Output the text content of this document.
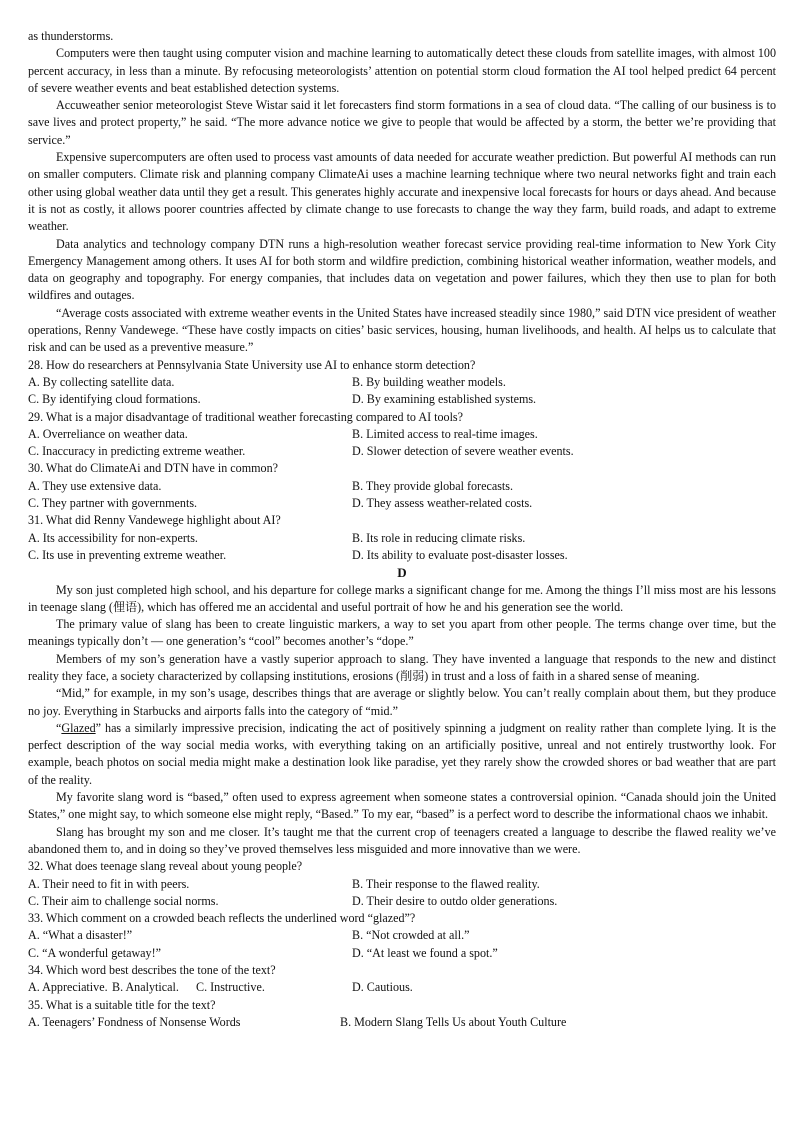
as thunderstorms.

Computers were then taught using computer vision and machine learning to automatically detect these clouds from satellite images, with almost 100 percent accuracy, in less than a minute. By refocusing meteorologists’ attention on potential storm cloud formation the AI tool helped predict 64 percent of severe weather events and beat established detection systems.

Accuweather senior meteorologist Steve Wistar said it let forecasters find storm formations in a sea of cloud data. “The calling of our business is to save lives and protect property,” he said. “The more advance notice we give to people that would be affected by a storm, the better we’re providing that service.”

Expensive supercomputers are often used to process vast amounts of data needed for accurate weather prediction. But powerful AI methods can run on smaller computers. Climate risk and planning company ClimateAi uses a machine learning technique where two neural networks fight and train each other using global weather data until they get a result. This generates highly accurate and inexpensive local forecasts for hours or days ahead. And because it is not as costly, it allows poorer countries affected by climate change to use forecasts to change the way they farm, build roads, and adapt to extreme weather.

Data analytics and technology company DTN runs a high-resolution weather forecast service providing real-time information to New York City Emergency Management among others. It uses AI for both storm and wildfire prediction, combining historical weather information, weather models, and data on geography and topography. For energy companies, that includes data on vegetation and power failures, which they then use to plan for both wildfires and outages.

“Average costs associated with extreme weather events in the United States have increased steadily since 1980,” said DTN vice president of weather operations, Renny Vandewege. “These have costly impacts on cities’ basic services, housing, human livelihoods, and health. AI helps us to calculate that risk and can be used as a preventive measure.”

28. How do researchers at Pennsylvania State University use AI to enhance storm detection?

A. By collecting satellite data.	B. By building weather models.
C. By identifying cloud formations.	D. By examining established systems.

29. What is a major disadvantage of traditional weather forecasting compared to AI tools?

A. Overreliance on weather data.	B. Limited access to real-time images.
C. Inaccuracy in predicting extreme weather.	D. Slower detection of severe weather events.

30. What do ClimateAi and DTN have in common?

A. They use extensive data.	B. They provide global forecasts.
C. They partner with governments.	D. They assess weather-related costs.

31. What did Renny Vandewege highlight about AI?

A. Its accessibility for non-experts.	B. Its role in reducing climate risks.
C. Its use in preventing extreme weather.	D. Its ability to evaluate post-disaster losses.

D

My son just completed high school, and his departure for college marks a significant change for me. Among the things I’ll miss most are his lessons in teenage slang (俚语), which has offered me an accidental and useful portrait of how he and his generation see the world.

The primary value of slang has been to create linguistic markers, a way to set you apart from other people. The terms change over time, but the meanings typically don’t — one generation’s “cool” becomes another’s “dope.”

Members of my son’s generation have a vastly superior approach to slang. They have invented a language that responds to the new and distinct reality they face, a society characterized by collapsing institutions, erosions (削弱) in trust and a loss of faith in a shared sense of meaning.

“Mid,” for example, in my son’s usage, describes things that are average or slightly below. You can’t really complain about them, but they produce no joy. Everything in Starbucks and airports falls into the category of “mid.”

“Glazed” has a similarly impressive precision, indicating the act of positively spinning a judgment on reality rather than complete lying. It is the perfect description of the way social media works, with everything taking on an artificially positive, unreal and not entirely trustworthy look. For example, beach photos on social media might make a destination look like paradise, yet they rarely show the crowded shores or bad weather that are part of the reality.

My favorite slang word is “based,” often used to express agreement when someone states a controversial opinion. “Canada should join the United States,” one might say, to which someone else might reply, “Based.” To my ear, “based” is a perfect word to describe the informational chaos we inhabit.

Slang has brought my son and me closer. It’s taught me that the current crop of teenagers created a language to describe the flawed reality we’ve abandoned them to, and in doing so they’ve proved themselves less misguided and more innovative than we were.

32. What does teenage slang reveal about young people?

A. Their need to fit in with peers.	B. Their response to the flawed reality.
C. Their aim to challenge social norms.	D. Their desire to outdo older generations.

33. Which comment on a crowded beach reflects the underlined word “glazed”?

A. “What a disaster!”	B. “Not crowded at all.”
C. “A wonderful getaway!”	D. “At least we found a spot.”

34. Which word best describes the tone of the text?

A. Appreciative. B. Analytical.	C. Instructive.	D. Cautious.

35. What is a suitable title for the text?

A. Teenagers’ Fondness of Nonsense Words	B. Modern Slang Tells Us about Youth Culture
